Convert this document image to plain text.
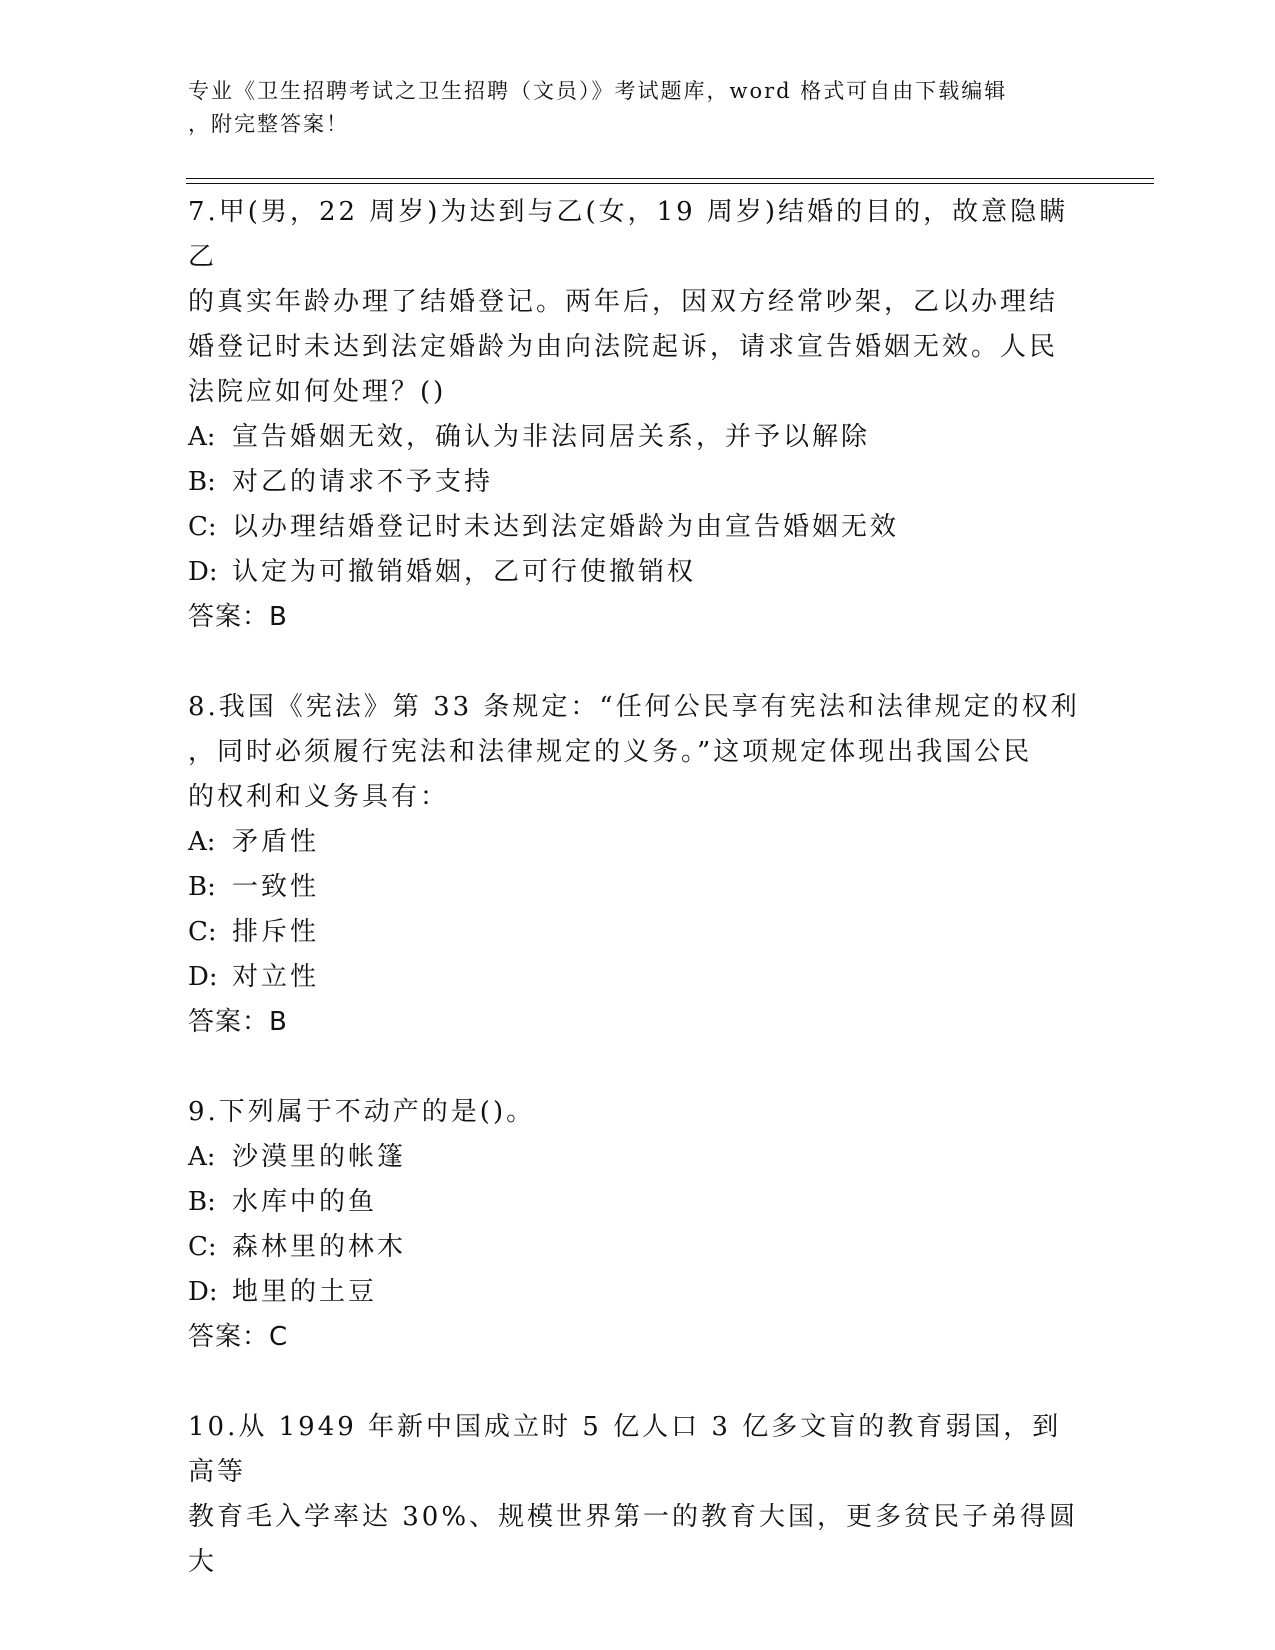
专业《卫生招聘考试之卫生招聘（文员）》考试题库，word 格式可自由下载编辑
，附完整答案！

7.甲(男，22 周岁)为达到与乙(女，19 周岁)结婚的目的，故意隐瞒乙

的真实年龄办理了结婚登记。两年后，因双方经常吵架，乙以办理结

婚登记时未达到法定婚龄为由向法院起诉，请求宣告婚姻无效。人民

法院应如何处理？()

A: 宣告婚姻无效，确认为非法同居关系，并予以解除

B: 对乙的请求不予支持

C: 以办理结婚登记时未达到法定婚龄为由宣告婚姻无效

D: 认定为可撤销婚姻，乙可行使撤销权

答案：B

8.我国《宪法》第 33 条规定：“任何公民享有宪法和法律规定的权利

，同时必须履行宪法和法律规定的义务。”这项规定体现出我国公民

的权利和义务具有：

A: 矛盾性

B: 一致性

C: 排斥性

D: 对立性

答案：B

9.下列属于不动产的是()。

A: 沙漠里的帐篷

B: 水库中的鱼

C: 森林里的林木

D: 地里的土豆

答案：C

10.从 1949 年新中国成立时 5 亿人口 3 亿多文盲的教育弱国，到高等

教育毛入学率达 30%、规模世界第一的教育大国，更多贫民子弟得圆大
